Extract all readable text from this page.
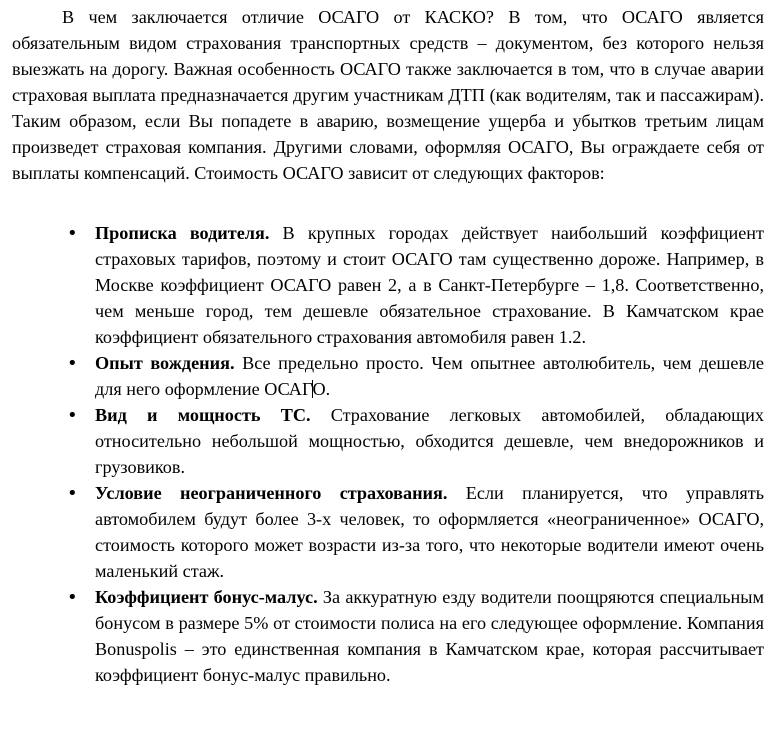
В чем заключается отличие ОСАГО от КАСКО? В том, что ОСАГО является обязательным видом страхования транспортных средств – документом, без которого нельзя выезжать на дорогу. Важная особенность ОСАГО также заключается в том, что в случае аварии страховая выплата предназначается другим участникам ДТП (как водителям, так и пассажирам). Таким образом, если Вы попадете в аварию, возмещение ущерба и убытков третьим лицам произведет страховая компания. Другими словами, оформляя ОСАГО, Вы ограждаете себя от выплаты компенсаций. Стоимость ОСАГО зависит от следующих факторов:

•
Прописка водителя. В крупных городах действует наибольший коэффициент страховых тарифов, поэтому и стоит ОСАГО там существенно дороже. Например, в Москве коэффициент ОСАГО равен 2, а в Санкт-Петербурге – 1,8. Соответственно, чем меньше город, тем дешевле обязательное страхование. В Камчатском крае коэффициент обязательного страхования автомобиля равен 1.2.
•
Опыт вождения. Все предельно просто. Чем опытнее автолюбитель, чем дешевле для него оформление ОСАГО.
•
Вид и мощность ТС. Страхование легковых автомобилей, обладающих относительно небольшой мощностью, обходится дешевле, чем внедорожников и грузовиков.
•
Условие неограниченного страхования. Если планируется, что управлять автомобилем будут более 3-х человек, то оформляется «неограниченное» ОСАГО, стоимость которого может возрасти из-за того, что некоторые водители имеют очень маленький стаж.
•
Коэффициент бонус-малус. За аккуратную езду водители поощряются специальным бонусом в размере 5% от стоимости полиса на его следующее оформление. Компания Bonuspolis – это единственная компания в Камчатском крае, которая рассчитывает коэффициент бонус-малус правильно.
